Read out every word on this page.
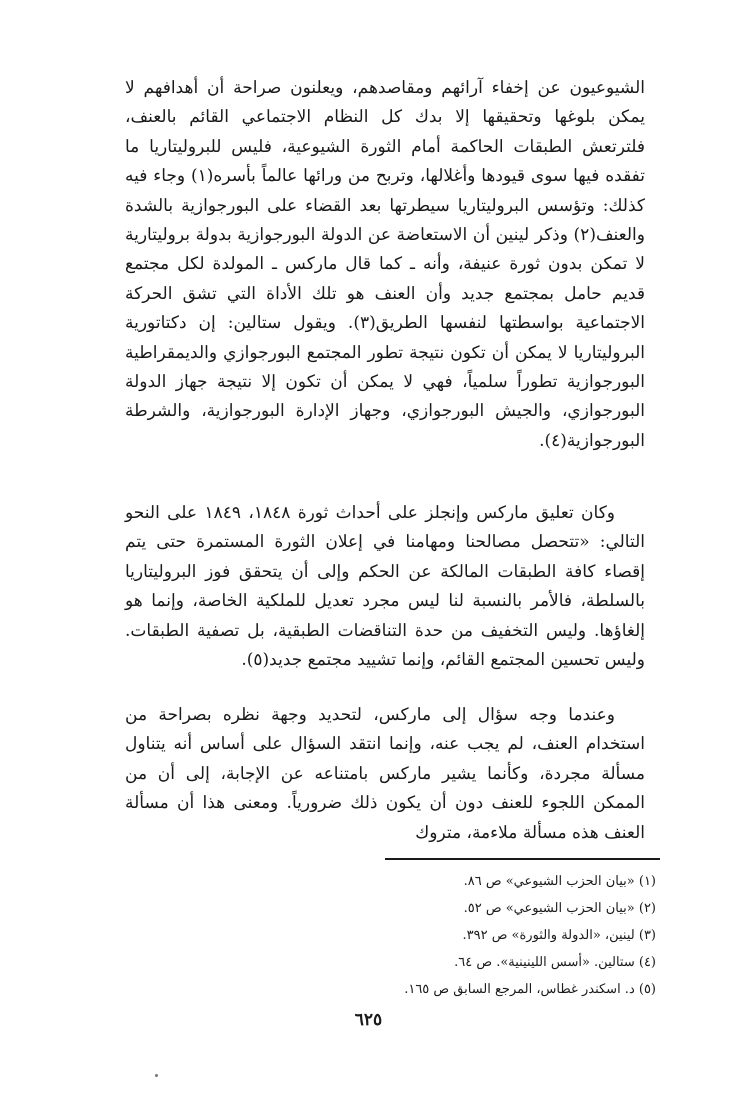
الشيوعيون عن إخفاء آرائهم ومقاصدهم، ويعلنون صراحة أن أهدافهم لا يمكن بلوغها وتحقيقها إلا بدك كل النظام الاجتماعي القائم بالعنف، فلترتعش الطبقات الحاكمة أمام الثورة الشيوعية، فليس للبروليتاريا ما تفقده فيها سوى قيودها وأغلالها، وتربح من ورائها عالماً بأسره(١) وجاء فيه كذلك: وتؤسس البروليتاريا سيطرتها بعد القضاء على البورجوازية بالشدة والعنف(٢) وذكر لينين أن الاستعاضة عن الدولة البورجوازية بدولة بروليتارية لا تمكن بدون ثورة عنيفة، وأنه ـ كما قال ماركس ـ المولدة لكل مجتمع قديم حامل بمجتمع جديد وأن العنف هو تلك الأداة التي تشق الحركة الاجتماعية بواسطتها لنفسها الطريق(٣). ويقول ستالين: إن دكتاتورية البروليتاريا لا يمكن أن تكون نتيجة تطور المجتمع البورجوازي والديمقراطية البورجوازية تطوراً سلمياً، فهي لا يمكن أن تكون إلا نتيجة جهاز الدولة البورجوازي، والجيش البورجوازي، وجهاز الإدارة البورجوازية، والشرطة البورجوازية(٤).

وكان تعليق ماركس وإنجلز على أحداث ثورة ١٨٤٨، ١٨٤٩ على النحو التالي: «تتحصل مصالحنا ومهامنا في إعلان الثورة المستمرة حتى يتم إقصاء كافة الطبقات المالكة عن الحكم وإلى أن يتحقق فوز البروليتاريا بالسلطة، فالأمر بالنسبة لنا ليس مجرد تعديل للملكية الخاصة، وإنما هو إلغاؤها. وليس التخفيف من حدة التناقضات الطبقية، بل تصفية الطبقات. وليس تحسين المجتمع القائم، وإنما تشييد مجتمع جديد(٥).

وعندما وجه سؤال إلى ماركس، لتحديد وجهة نظره بصراحة من استخدام العنف، لم يجب عنه، وإنما انتقد السؤال على أساس أنه يتناول مسألة مجردة، وكأنما يشير ماركس بامتناعه عن الإجابة، إلى أن من الممكن اللجوء للعنف دون أن يكون ذلك ضرورياً. ومعنى هذا أن مسألة العنف هذه مسألة ملاءمة، متروك

(١) «بيان الحزب الشيوعي» ص ٨٦.
(٢) «بيان الحزب الشيوعي» ص ٥٢.
(٣) لينين، «الدولة والثورة» ص ٣٩٢.
(٤) ستالين. «أسس اللينينية». ص ٦٤.
(٥) د. اسكندر غطاس، المرجع السابق ص ١٦٥.
٦٢٥
